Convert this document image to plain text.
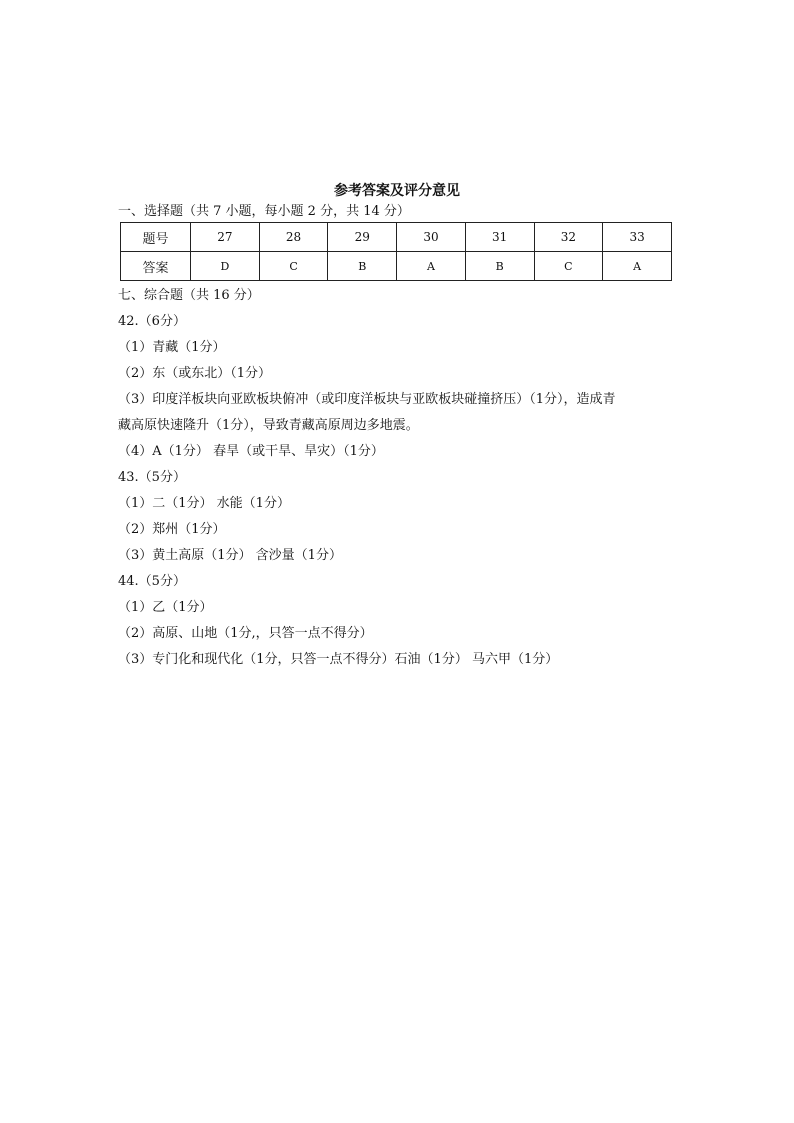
参考答案及评分意见
一、选择题（共 7 小题，每小题 2 分，共 14 分）
题号	27	28	29	30	31	32	33
答案	D	C	B	A	B	C	A
七、综合题（共 16 分）
42.（6分）
（1）青藏（1分）
（2）东（或东北）（1分）
（3）印度洋板块向亚欧板块俯冲（或印度洋板块与亚欧板块碰撞挤压）（1分），造成青
藏高原快速隆升（1分），导致青藏高原周边多地震。
（4）A（1分） 春旱（或干旱、旱灾）（1分）
43.（5分）
（1）二（1分） 水能（1分）
（2）郑州（1分）
（3）黄土高原（1分） 含沙量（1分）
44.（5分）
（1）乙（1分）
（2）高原、山地（1分,，只答一点不得分）
（3）专门化和现代化（1分，只答一点不得分）石油（1分） 马六甲（1分）
